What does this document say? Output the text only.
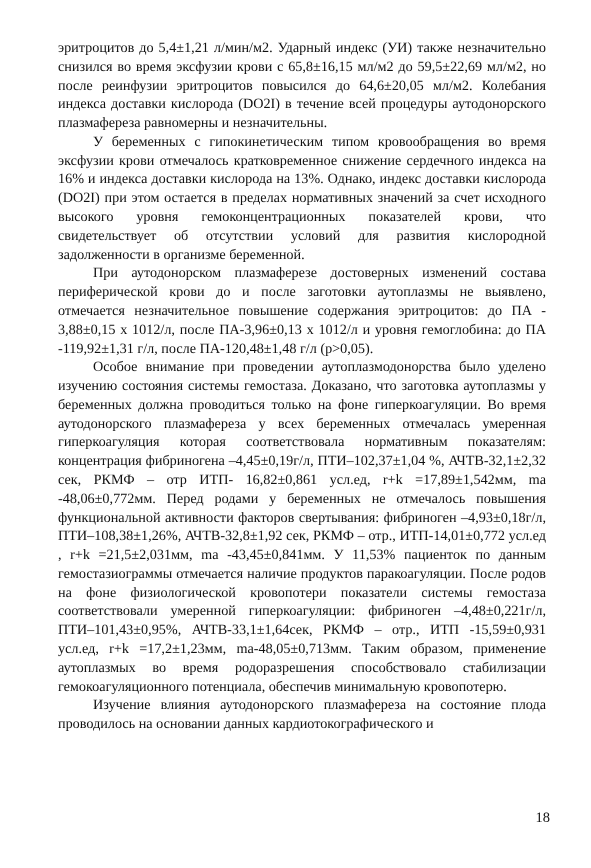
эритроцитов до 5,4±1,21 л/мин/м2. Ударный индекс (УИ) также незначительно снизился во время эксфузии крови с 65,8±16,15 мл/м2 до 59,5±22,69 мл/м2, но после реинфузии эритроцитов повысился до 64,6±20,05 мл/м2. Колебания индекса доставки кислорода (DO2I) в течение всей процедуры аутодонорского плазмафереза равномерны и незначительны.

У беременных с гипокинетическим типом кровообращения во время эксфузии крови отмечалось кратковременное снижение сердечного индекса на 16% и индекса доставки кислорода на 13%. Однако, индекс доставки кислорода (DO2I) при этом остается в пределах нормативных значений за счет исходного высокого уровня гемоконцентрационных показателей крови, что свидетельствует об отсутствии условий для развития кислородной задолженности в организме беременной.

При аутодонорском плазмаферезе достоверных изменений состава периферической крови до и после заготовки аутоплазмы не выявлено, отмечается незначительное повышение содержания эритроцитов: до ПА - 3,88±0,15 х 1012/л, после ПА-3,96±0,13 х 1012/л и уровня гемоглобина: до ПА -119,92±1,31 г/л, после ПА-120,48±1,48 г/л (р>0,05).

Особое внимание при проведении аутоплазмодонорства было уделено изучению состояния системы гемостаза. Доказано, что заготовка аутоплазмы у беременных должна проводиться только на фоне гиперкоагуляции. Во время аутодонорского плазмафереза у всех беременных отмечалась умеренная гиперкоагуляция которая соответствовала нормативным показателям: концентрация фибриногена –4,45±0,19г/л, ПТИ–102,37±1,04 %, АЧТВ-32,1±2,32 сек, РКМФ – отр ИТП- 16,82±0,861 усл.ед, r+k =17,89±1,542мм, ma -48,06±0,772мм. Перед родами у беременных не отмечалось повышения функциональной активности факторов свертывания: фибриноген –4,93±0,18г/л, ПТИ–108,38±1,26%, АЧТВ-32,8±1,92 сек, РКМФ – отр., ИТП-14,01±0,772 усл.ед , r+k =21,5±2,031мм, ma -43,45±0,841мм. У 11,53% пациенток по данным гемостазиограммы отмечается наличие продуктов паракоагуляции. После родов на фоне физиологической кровопотери показатели системы гемостаза соответствовали умеренной гиперкоагуляции: фибриноген –4,48±0,221г/л, ПТИ–101,43±0,95%, АЧТВ-33,1±1,64сек, РКМФ – отр., ИТП -15,59±0,931 усл.ед, r+k =17,2±1,23мм, ma-48,05±0,713мм. Таким образом, применение аутоплазмых во время родоразрешения способствовало стабилизации гемокоагуляционного потенциала, обеспечив минимальную кровопотерю.

Изучение влияния аутодонорского плазмафереза на состояние плода проводилось на основании данных кардиотокографического и

18
